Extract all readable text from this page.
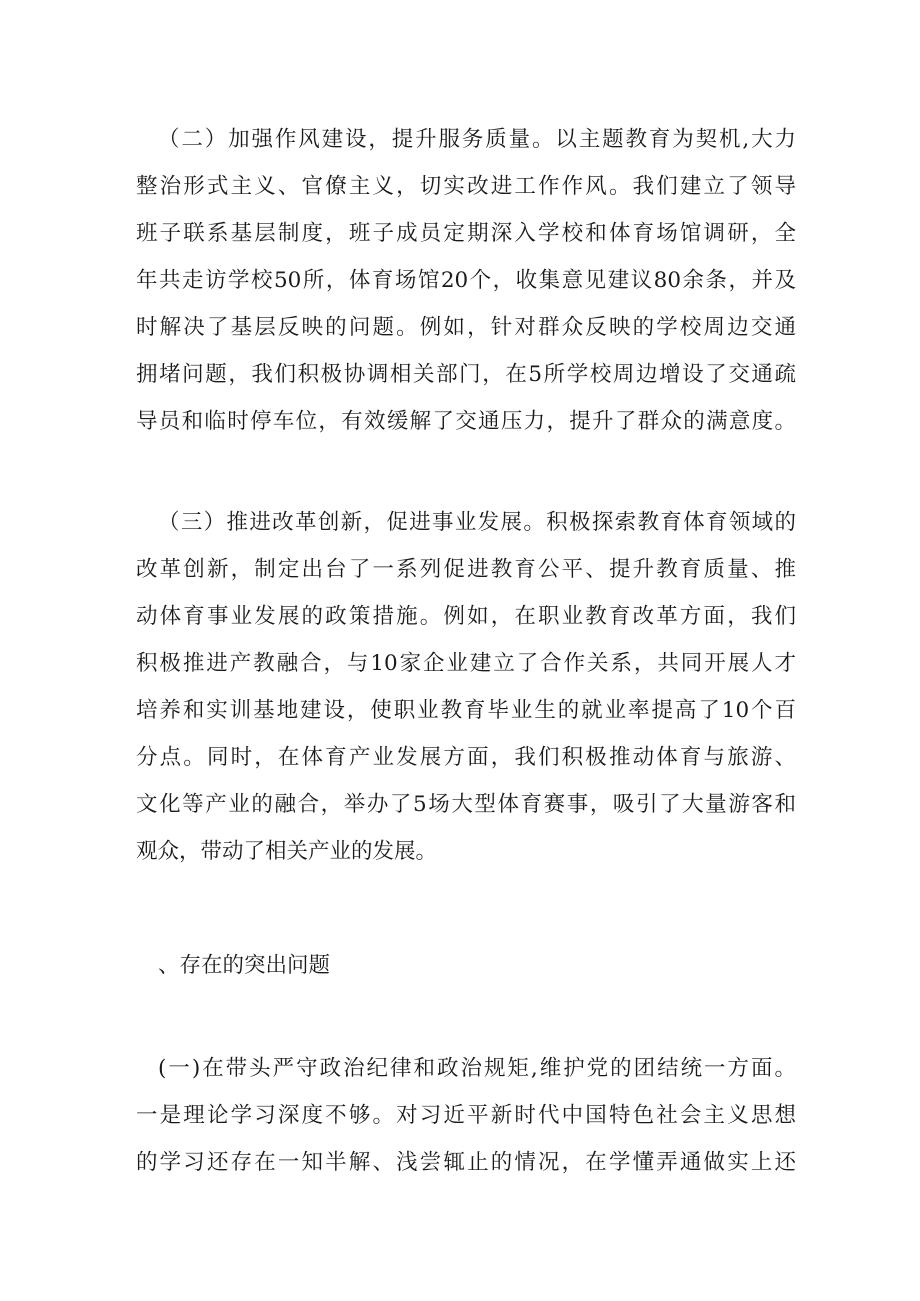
（二）加强作风建设，提升服务质量。以主题教育为契机,大力
整治形式主义、官僚主义，切实改进工作作风。我们建立了领导
班子联系基层制度，班子成员定期深入学校和体育场馆调研，全
年共走访学校50所，体育场馆20个，收集意见建议80余条，并及
时解决了基层反映的问题。例如，针对群众反映的学校周边交通
拥堵问题，我们积极协调相关部门，在5所学校周边增设了交通疏
导员和临时停车位，有效缓解了交通压力，提升了群众的满意度。
（三）推进改革创新，促进事业发展。积极探索教育体育领域的
改革创新，制定出台了一系列促进教育公平、提升教育质量、推
动体育事业发展的政策措施。例如，在职业教育改革方面，我们
积极推进产教融合，与10家企业建立了合作关系，共同开展人才
培养和实训基地建设，使职业教育毕业生的就业率提高了10个百
分点。同时，在体育产业发展方面，我们积极推动体育与旅游、
文化等产业的融合，举办了5场大型体育赛事，吸引了大量游客和
观众，带动了相关产业的发展。
、存在的突出问题
(一)在带头严守政治纪律和政治规矩,维护党的团结统一方面。
一是理论学习深度不够。对习近平新时代中国特色社会主义思想
的学习还存在一知半解、浅尝辄止的情况，在学懂弄通做实上还
